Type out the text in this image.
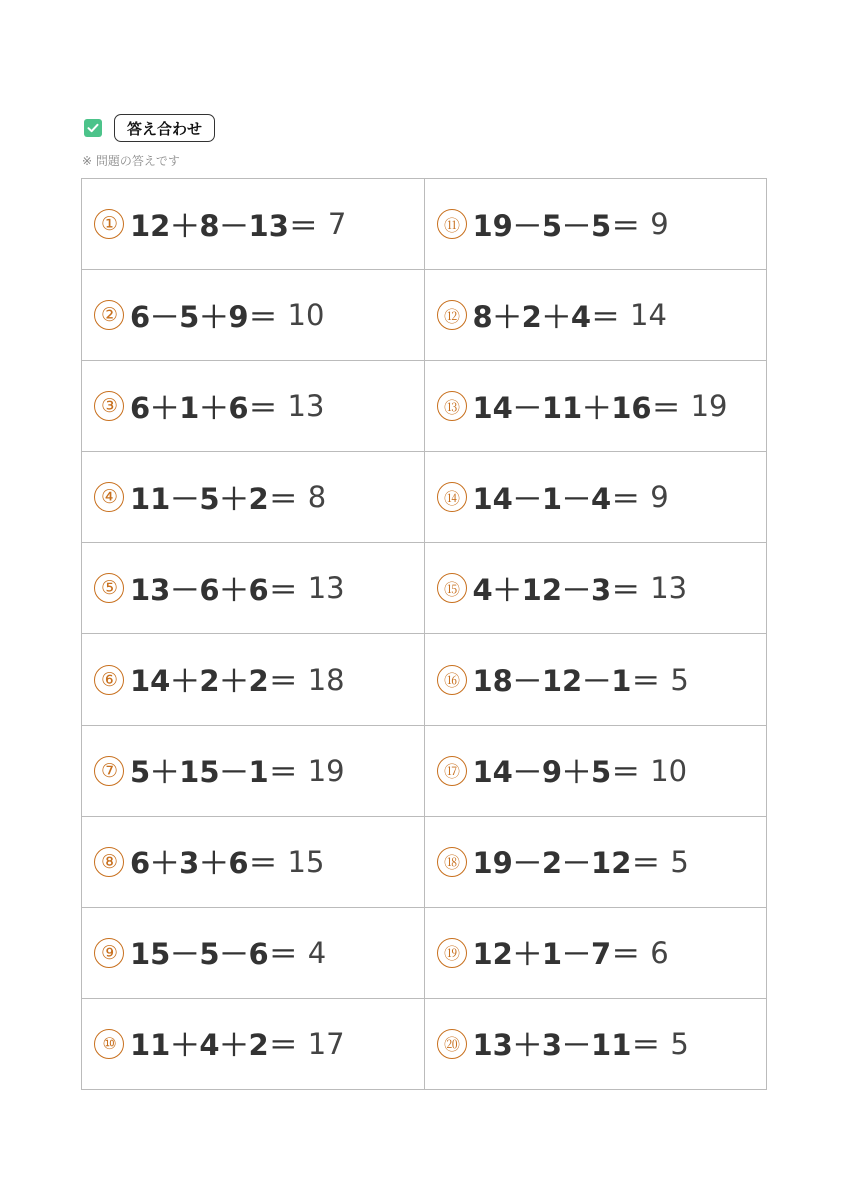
答え合わせ
※ 問題の答えです
① 12＋8－13＝ 7
② 6－5＋9＝ 10
③ 6＋1＋6＝ 13
④ 11－5＋2＝ 8
⑤ 13－6＋6＝ 13
⑥ 14＋2＋2＝ 18
⑦ 5＋15－1＝ 19
⑧ 6＋3＋6＝ 15
⑨ 15－5－6＝ 4
⑩ 11＋4＋2＝ 17
⑪ 19－5－5＝ 9
⑫ 8＋2＋4＝ 14
⑬ 14－11＋16＝ 19
⑭ 14－1－4＝ 9
⑮ 4＋12－3＝ 13
⑯ 18－12－1＝ 5
⑰ 14－9＋5＝ 10
⑱ 19－2－12＝ 5
⑲ 12＋1－7＝ 6
⑳ 13＋3－11＝ 5
